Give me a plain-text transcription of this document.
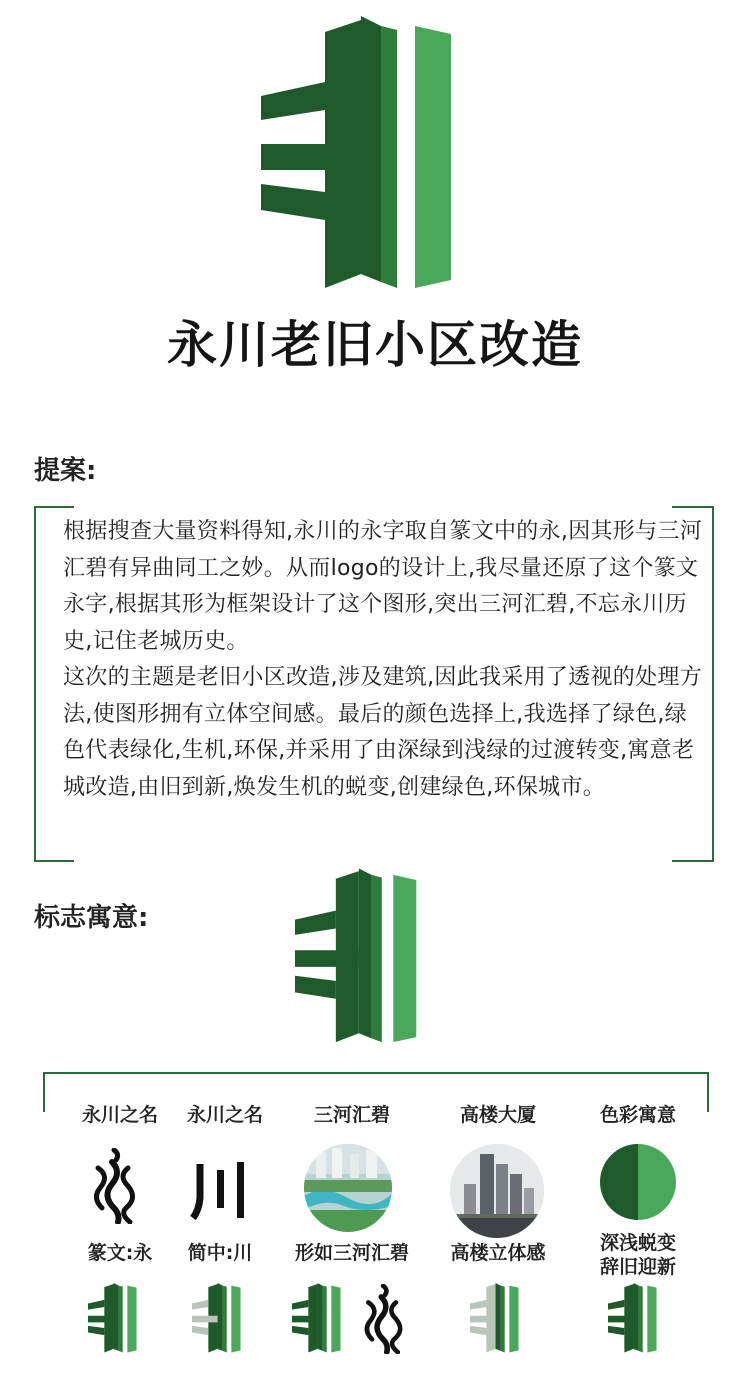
永川老旧小区改造
提案:

根据搜查大量资料得知,永川的永字取自篆文中的永,因其形与三河汇碧有异曲同工之妙。从而logo的设计上,我尽量还原了这个篆文永字,根据其形为框架设计了这个图形,突出三河汇碧,不忘永川历史,记住老城历史。

这次的主题是老旧小区改造,涉及建筑,因此我采用了透视的处理方法,使图形拥有立体空间感。最后的颜色选择上,我选择了绿色,绿色代表绿化,生机,环保,并采用了由深绿到浅绿的过渡转变,寓意老城改造,由旧到新,焕发生机的蜕变,创建绿色,环保城市。

标志寓意:
永川之名	永川之名	三河汇碧	高楼大厦	色彩寓意
篆文:永	简中:川	形如三河汇碧	高楼立体感	深浅蜕变
辞旧迎新
